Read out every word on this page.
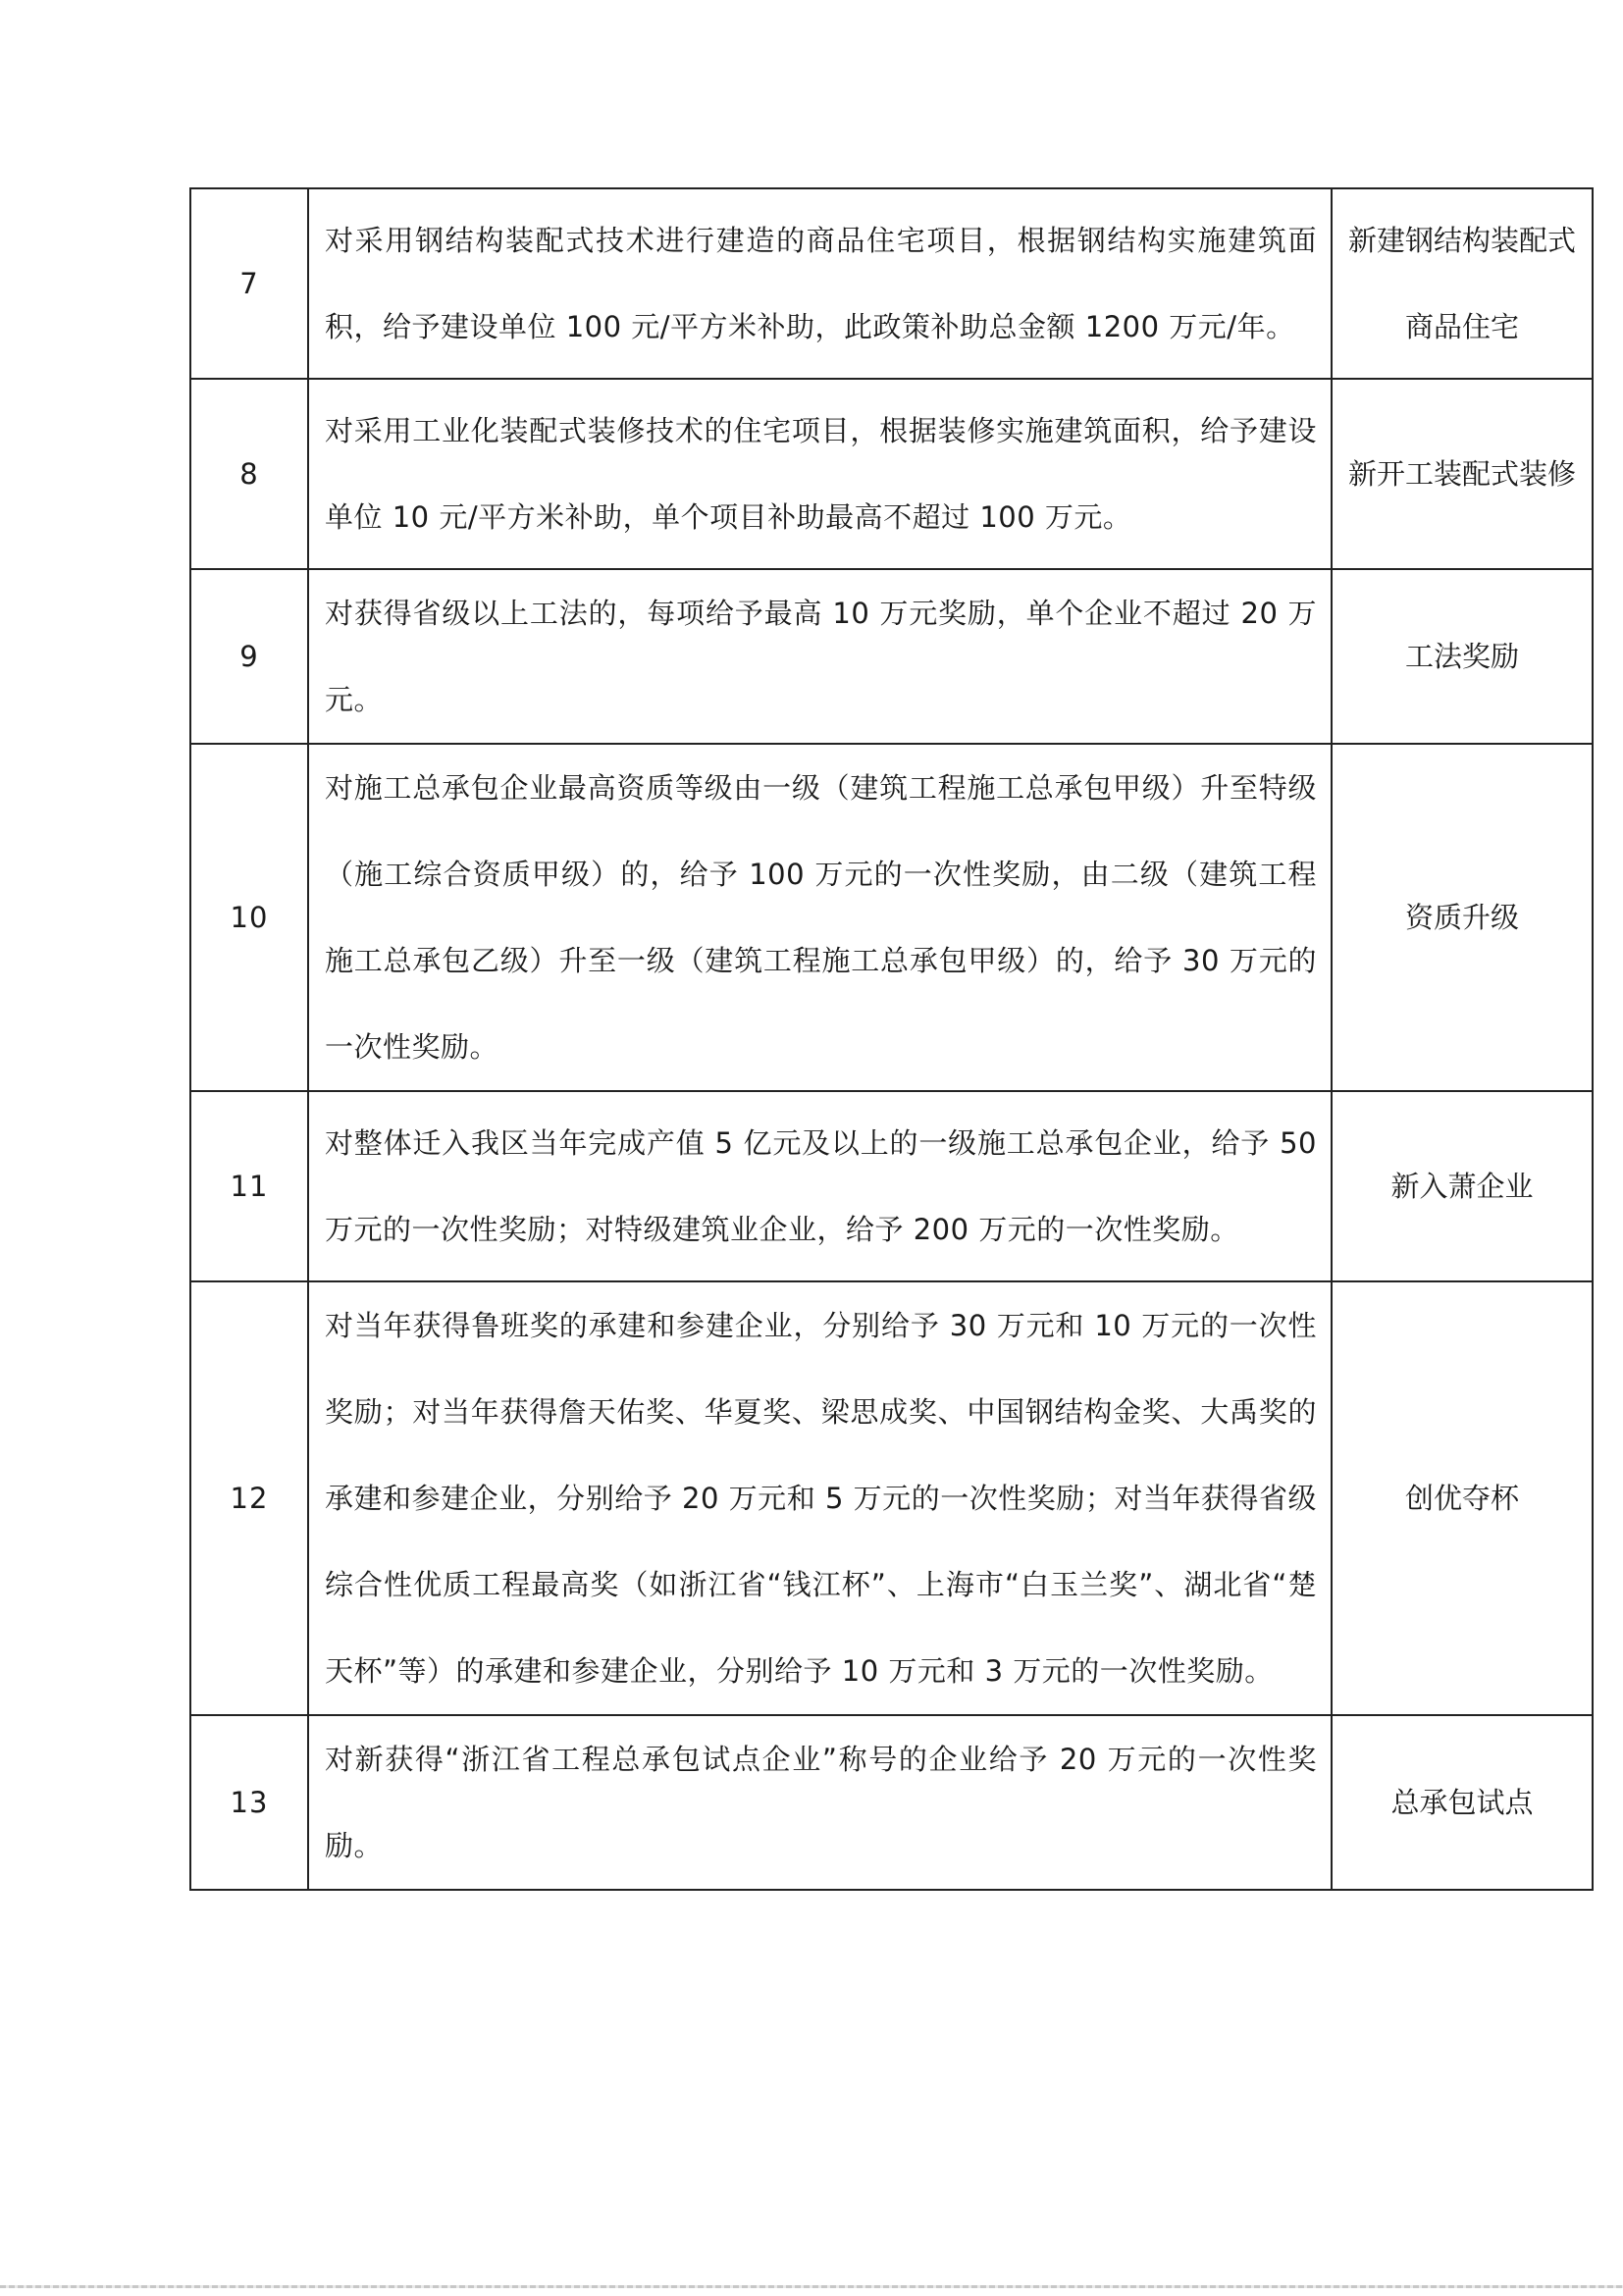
7	对采用钢结构装配式技术进行建造的商品住宅项目，根据钢结构实施建筑面积，给予建设单位 100 元/平方米补助，此政策补助总金额 1200 万元/年。	新建钢结构装配式商品住宅
8	对采用工业化装配式装修技术的住宅项目，根据装修实施建筑面积，给予建设单位 10 元/平方米补助，单个项目补助最高不超过 100 万元。	新开工装配式装修
9	对获得省级以上工法的，每项给予最高 10 万元奖励，单个企业不超过 20 万元。	工法奖励
10	对施工总承包企业最高资质等级由一级（建筑工程施工总承包甲级）升至特级（施工综合资质甲级）的，给予 100 万元的一次性奖励，由二级（建筑工程施工总承包乙级）升至一级（建筑工程施工总承包甲级）的，给予 30 万元的一次性奖励。	资质升级
11	对整体迁入我区当年完成产值 5 亿元及以上的一级施工总承包企业，给予 50 万元的一次性奖励；对特级建筑业企业，给予 200 万元的一次性奖励。	新入萧企业
12	对当年获得鲁班奖的承建和参建企业，分别给予 30 万元和 10 万元的一次性奖励；对当年获得詹天佑奖、华夏奖、梁思成奖、中国钢结构金奖、大禹奖的承建和参建企业，分别给予 20 万元和 5 万元的一次性奖励；对当年获得省级综合性优质工程最高奖（如浙江省“钱江杯”、上海市“白玉兰奖”、湖北省“楚天杯”等）的承建和参建企业，分别给予 10 万元和 3 万元的一次性奖励。	创优夺杯
13	对新获得“浙江省工程总承包试点企业”称号的企业给予 20 万元的一次性奖励。	总承包试点
